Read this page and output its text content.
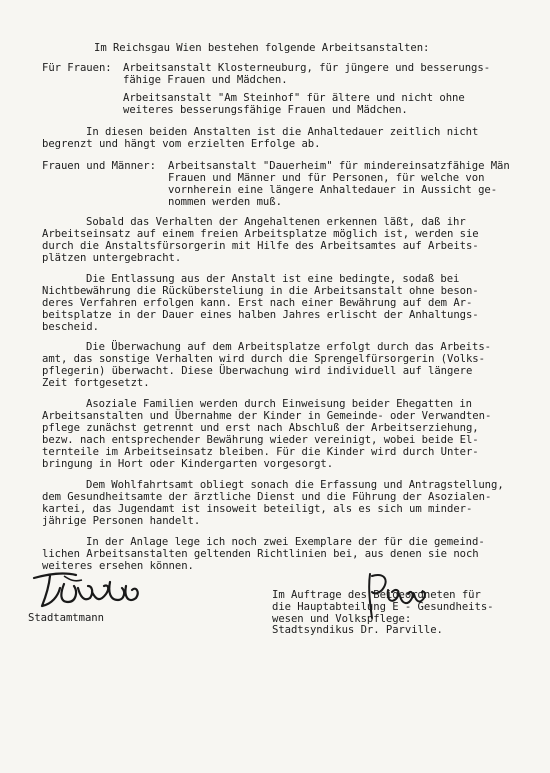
Im Reichsgau Wien bestehen folgende Arbeitsanstalten:
Für Frauen: Arbeitsanstalt Klosterneuburg, für jüngere und besserungs-
fähige Frauen und Mädchen.
Arbeitsanstalt "Am Steinhof" für ältere und nicht ohne
weiteres besserungsfähige Frauen und Mädchen.
In diesen beiden Anstalten ist die Anhaltedauer zeitlich nicht
begrenzt und hängt vom erzielten Erfolge ab.
Frauen und Männer: Arbeitsanstalt "Dauerheim" für mindereinsatzfähige Män
Frauen und Männer und für Personen, für welche von
vornherein eine längere Anhaltedauer in Aussicht ge-
nommen werden muß.
Sobald das Verhalten der Angehaltenen erkennen läßt, daß ihr
Arbeitseinsatz auf einem freien Arbeitsplatze möglich ist, werden sie
durch die Anstaltsfürsorgerin mit Hilfe des Arbeitsamtes auf Arbeits-
plätzen untergebracht.
Die Entlassung aus der Anstalt ist eine bedingte, sodaß bei
Nichtbewährung die Rückübersteliung in die Arbeitsanstalt ohne beson-
deres Verfahren erfolgen kann. Erst nach einer Bewährung auf dem Ar-
beitsplatze in der Dauer eines halben Jahres erlischt der Anhaltungs-
bescheid.
Die Überwachung auf dem Arbeitsplatze erfolgt durch das Arbeits-
amt, das sonstige Verhalten wird durch die Sprengelfürsorgerin (Volks-
pflegerin) überwacht. Diese Überwachung wird individuell auf längere
Zeit fortgesetzt.
Asoziale Familien werden durch Einweisung beider Ehegatten in
Arbeitsanstalten und Übernahme der Kinder in Gemeinde- oder Verwandten-
pflege zunächst getrennt und erst nach Abschluß der Arbeitserziehung,
bezw. nach entsprechender Bewährung wieder vereinigt, wobei beide El-
ternteile im Arbeitseinsatz bleiben. Für die Kinder wird durch Unter-
bringung in Hort oder Kindergarten vorgesorgt.
Dem Wohlfahrtsamt obliegt sonach die Erfassung und Antragstellung,
dem Gesundheitsamte der ärztliche Dienst und die Führung der Asozialen-
kartei, das Jugendamt ist insoweit beteiligt, als es sich um minder-
jährige Personen handelt.
In der Anlage lege ich noch zwei Exemplare der für die gemeind-
lichen Arbeitsanstalten geltenden Richtlinien bei, aus denen sie noch
weiteres ersehen können.
Im Auftrage des Beigeordneten für
die Hauptabteilung E - Gesundheits-
wesen und Volkspflege:
Stadtamtmann
Stadtsyndikus Dr. Parville.
